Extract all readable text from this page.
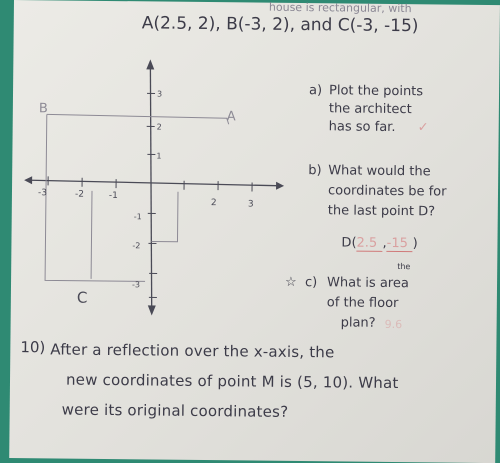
house is rectangular, with
A(2.5, 2), B(-3, 2), and C(-3, -15)
-3	-2	-1
2	3
3
2
1
-1
-2
-3
A
B
C
a) Plot the points
the architect
has so far. ✓
b) What would the
coordinates be for
the last point D?
D(2.5 ,-15 )
☆ c)
the
What is area
of the floor
plan? 9.6
10) After a reflection over the x-axis, the
new coordinates of point M is (5, 10). What
were its original coordinates?
